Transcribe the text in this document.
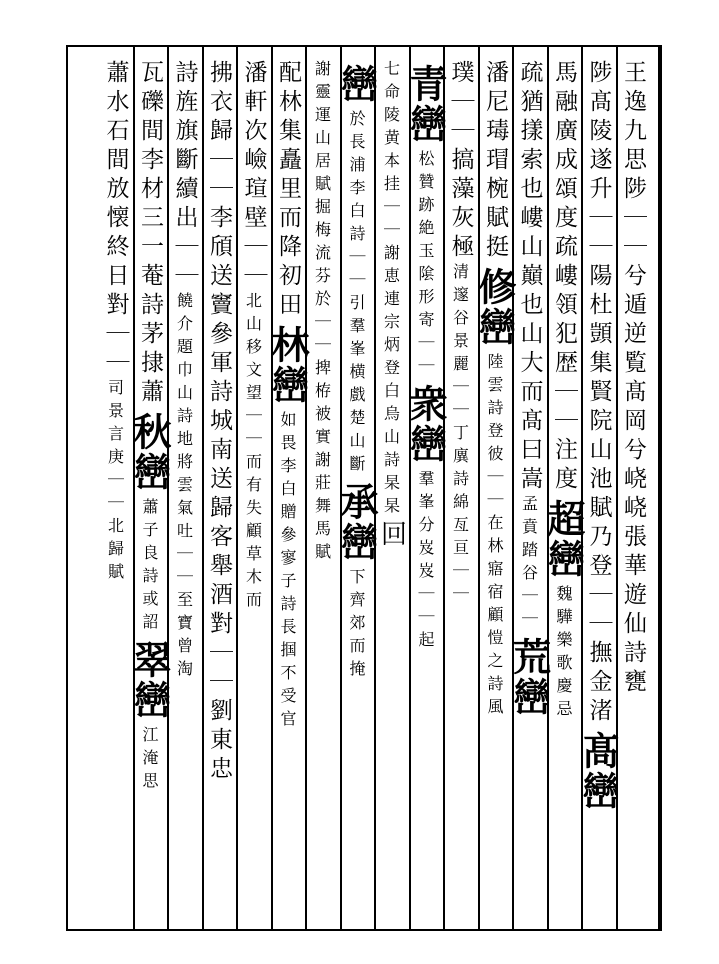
王逸九思陟｜｜兮遁逆覧髙岡兮峣峣張華遊仙詩甕
陟髙陵遂升｜｜陽杜顗集賢院山池賦乃登｜｜撫金渚
髙巒
馬融廣成頌度疏嶁領犯歴｜｜注度
超巒
魏驊樂歌慶忌
疏猶㨾索也嶁山巔也山大而髙曰嵩
孟賁踏谷｜｜
荒巒
潘尼瑇瑁椀賦挺
修巒
陸雲詩登彼｜｜在林寤宿顧愷之詩風
璞｜｜搞藻灰極
清邃谷景麗｜｜丁廙詩綿亙亘｜｜
青巒
松贊跡絶玉隂形寄｜｜
衆巒
羣峯分岌岌｜｜起
七命陵黄本挂｜｜謝恵連宗炳登白烏山詩杲杲
回
巒
於長浦李白詩｜｜引羣峯横戲楚山斷
承巒
下齊郊而掩
謝靈運山居賦掘梅流芬於｜｜捭栫被實謝莊舞馬賦
配林集矗里而降初田
林巒
如畏李白贈參寥子詩長掴不受官
潘軒次嶮瑄壁｜｜
北山移文望｜｜而有失顧草木而
拂衣歸｜｜李頎送竇參軍詩城南送歸客舉酒對｜｜劉東忠
詩旌旗斷續出｜｜
饒介題巾山詩地將雲氣吐｜｜至寶曾淘
瓦礫間李材三一菴詩茅捸蕭
秋巒
蕭子良詩或詔
翠巒
江淹思
蕭水石間放懐終日對｜｜
司景言庚｜｜北歸賦
